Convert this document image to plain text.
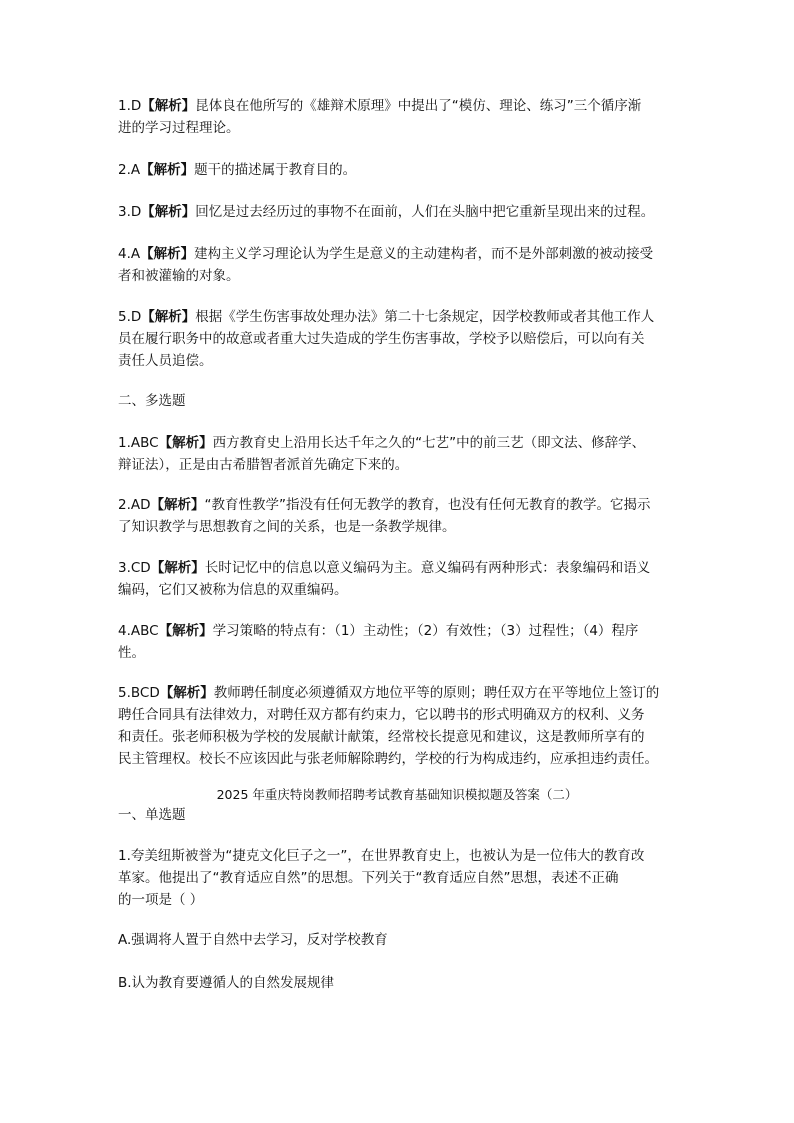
1.D【解析】昆体良在他所写的《雄辩术原理》中提出了“模仿、理论、练习”三个循序渐
进的学习过程理论。

2.A【解析】题干的描述属于教育目的。

3.D【解析】回忆是过去经历过的事物不在面前，人们在头脑中把它重新呈现出来的过程。

4.A【解析】建构主义学习理论认为学生是意义的主动建构者，而不是外部刺激的被动接受
者和被灌输的对象。

5.D【解析】根据《学生伤害事故处理办法》第二十七条规定，因学校教师或者其他工作人
员在履行职务中的故意或者重大过失造成的学生伤害事故，学校予以赔偿后，可以向有关
责任人员追偿。

二、多选题

1.ABC【解析】西方教育史上沿用长达千年之久的“七艺”中的前三艺（即文法、修辞学、
辩证法），正是由古希腊智者派首先确定下来的。

2.AD【解析】“教育性教学”指没有任何无教学的教育，也没有任何无教育的教学。它揭示
了知识教学与思想教育之间的关系，也是一条教学规律。

3.CD【解析】长时记忆中的信息以意义编码为主。意义编码有两种形式：表象编码和语义
编码，它们又被称为信息的双重编码。

4.ABC【解析】学习策略的特点有：（1）主动性；（2）有效性；（3）过程性；（4）程序
性。

5.BCD【解析】教师聘任制度必须遵循双方地位平等的原则；聘任双方在平等地位上签订的
聘任合同具有法律效力，对聘任双方都有约束力，它以聘书的形式明确双方的权利、义务
和责任。张老师积极为学校的发展献计献策，经常校长提意见和建议，这是教师所享有的
民主管理权。校长不应该因此与张老师解除聘约，学校的行为构成违约，应承担违约责任。

2025 年重庆特岗教师招聘考试教育基础知识模拟题及答案（二）

一、单选题

1.夸美纽斯被誉为“捷克文化巨子之一”，在世界教育史上，也被认为是一位伟大的教育改
革家。他提出了“教育适应自然”的思想。下列关于“教育适应自然”思想，表述不正确
的一项是（ ）

A.强调将人置于自然中去学习，反对学校教育

B.认为教育要遵循人的自然发展规律
